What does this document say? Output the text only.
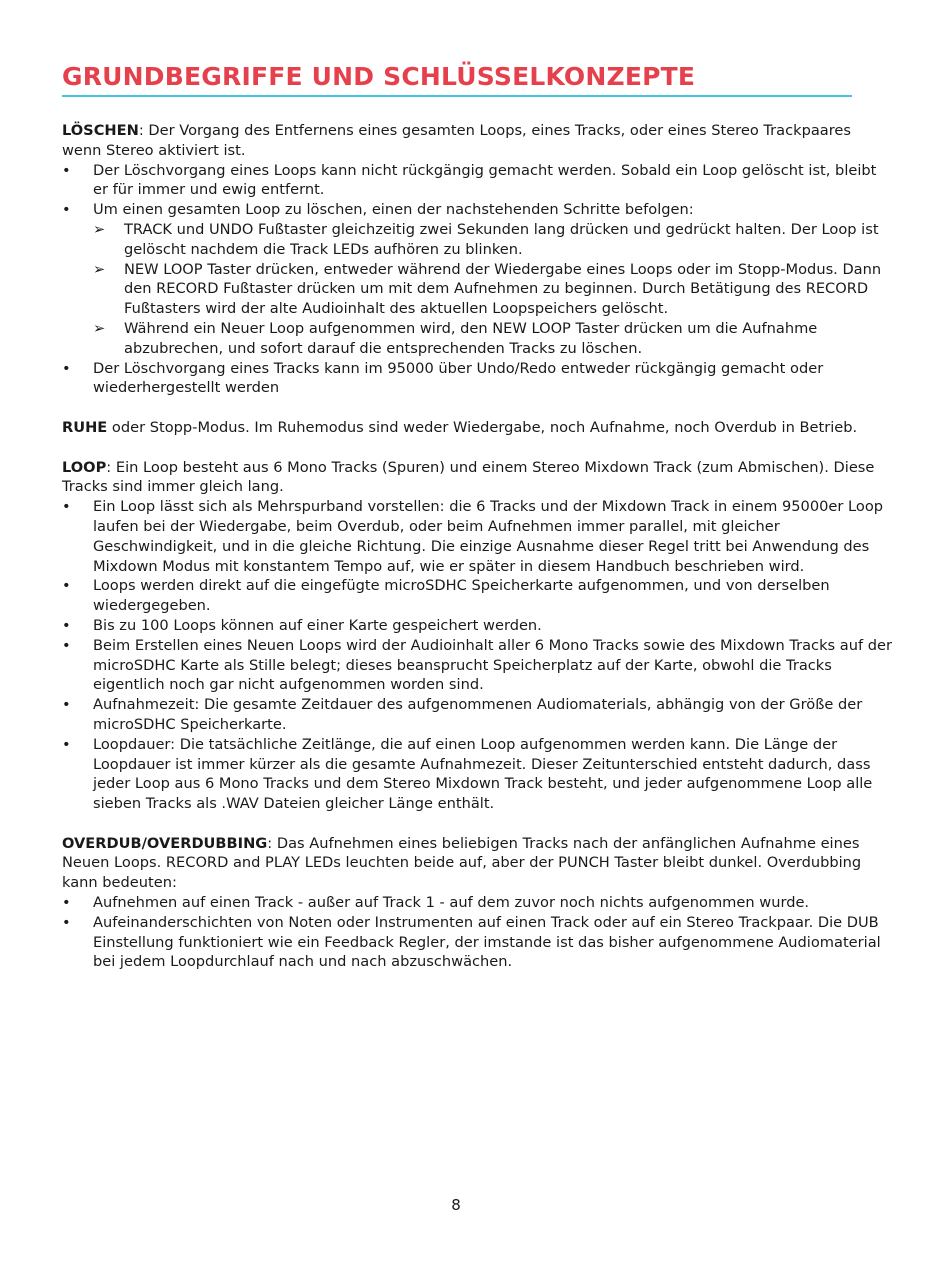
GRUNDBEGRIFFE UND SCHLÜSSELKONZEPTE
LÖSCHEN: Der Vorgang des Entfernens eines gesamten Loops, eines Tracks, oder eines Stereo Trackpaares wenn Stereo aktiviert ist.
• Der Löschvorgang eines Loops kann nicht rückgängig gemacht werden. Sobald ein Loop gelöscht ist, bleibt er für immer und ewig entfernt.
• Um einen gesamten Loop zu löschen, einen der nachstehenden Schritte befolgen:
➢ TRACK und UNDO Fußtaster gleichzeitig zwei Sekunden lang drücken und gedrückt halten. Der Loop ist gelöscht nachdem die Track LEDs aufhören zu blinken.
➢ NEW LOOP Taster drücken, entweder während der Wiedergabe eines Loops oder im Stopp-Modus. Dann den RECORD Fußtaster drücken um mit dem Aufnehmen zu beginnen. Durch Betätigung des RECORD Fußtasters wird der alte Audioinhalt des aktuellen Loopspeichers gelöscht.
➢ Während ein Neuer Loop aufgenommen wird, den NEW LOOP Taster drücken um die Aufnahme abzubrechen, und sofort darauf die entsprechenden Tracks zu löschen.
• Der Löschvorgang eines Tracks kann im 95000 über Undo/Redo entweder rückgängig gemacht oder wiederhergestellt werden
RUHE oder Stopp-Modus. Im Ruhemodus sind weder Wiedergabe, noch Aufnahme, noch Overdub in Betrieb.
LOOP: Ein Loop besteht aus 6 Mono Tracks (Spuren) und einem Stereo Mixdown Track (zum Abmischen). Diese Tracks sind immer gleich lang.
• Ein Loop lässt sich als Mehrspurband vorstellen: die 6 Tracks und der Mixdown Track in einem 95000er Loop laufen bei der Wiedergabe, beim Overdub, oder beim Aufnehmen immer parallel, mit gleicher Geschwindigkeit, und in die gleiche Richtung. Die einzige Ausnahme dieser Regel tritt bei Anwendung des Mixdown Modus mit konstantem Tempo auf, wie er später in diesem Handbuch beschrieben wird.
• Loops werden direkt auf die eingefügte microSDHC Speicherkarte aufgenommen, und von derselben wiedergegeben.
• Bis zu 100 Loops können auf einer Karte gespeichert werden.
• Beim Erstellen eines Neuen Loops wird der Audioinhalt aller 6 Mono Tracks sowie des Mixdown Tracks auf der microSDHC Karte als Stille belegt; dieses beansprucht Speicherplatz auf der Karte, obwohl die Tracks eigentlich noch gar nicht aufgenommen worden sind.
• Aufnahmezeit: Die gesamte Zeitdauer des aufgenommenen Audiomaterials, abhängig von der Größe der microSDHC Speicherkarte.
• Loopdauer: Die tatsächliche Zeitlänge, die auf einen Loop aufgenommen werden kann. Die Länge der Loopdauer ist immer kürzer als die gesamte Aufnahmezeit. Dieser Zeitunterschied entsteht dadurch, dass jeder Loop aus 6 Mono Tracks und dem Stereo Mixdown Track besteht, und jeder aufgenommene Loop alle sieben Tracks als .WAV Dateien gleicher Länge enthält.
OVERDUB/OVERDUBBING: Das Aufnehmen eines beliebigen Tracks nach der anfänglichen Aufnahme eines Neuen Loops. RECORD and PLAY LEDs leuchten beide auf, aber der PUNCH Taster bleibt dunkel. Overdubbing kann bedeuten:
• Aufnehmen auf einen Track - außer auf Track 1 - auf dem zuvor noch nichts aufgenommen wurde.
• Aufeinanderschichten von Noten oder Instrumenten auf einen Track oder auf ein Stereo Trackpaar. Die DUB Einstellung funktioniert wie ein Feedback Regler, der imstande ist das bisher aufgenommene Audiomaterial bei jedem Loopdurchlauf nach und nach abzuschwächen.
8
